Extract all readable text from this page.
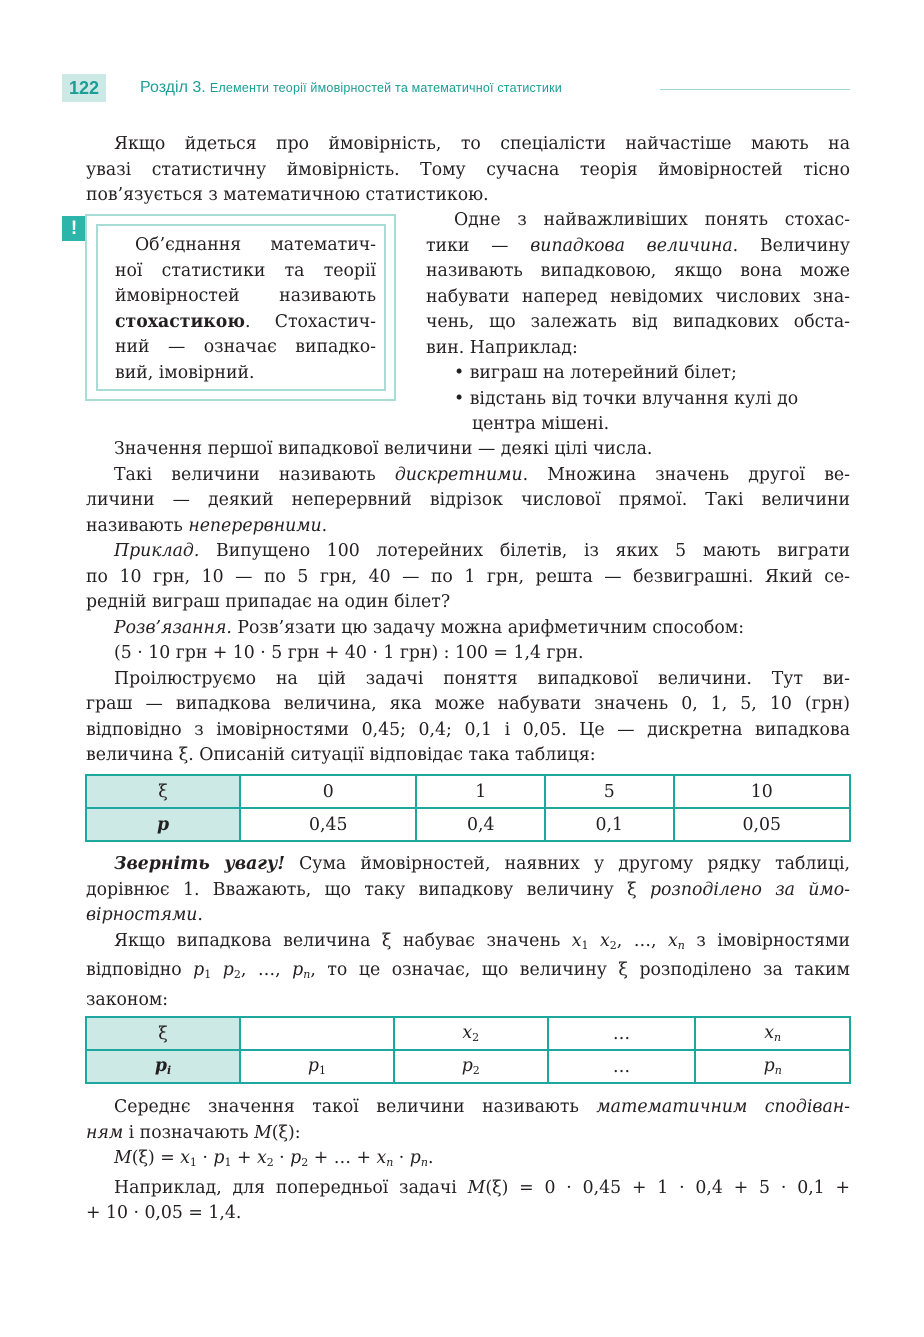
122	Розділ 3. Елементи теорії ймовірностей та математичної статистики
Якщо йдеться про ймовірність, то спеціалісти найчастіше мають на
увазі статистичну ймовірність. Тому сучасна теорія ймовірностей тісно
пов’язується з математичною статистикою.
!
Об’єднання математич-
ної статистики та теорії
ймовірностей називають
стохастикою. Стохастич-
ний — означає випадко-
вий, імовірний.
Одне з найважливіших понять стохас-
тики — випадкова величина. Величину
називають випадковою, якщо вона може
набувати наперед невідомих числових зна-
чень, що залежать від випадкових обста-
вин. Наприклад:
• виграш на лотерейний білет;
• відстань від точки влучання кулі до
центра мішені.
Значення першої випадкової величини — деякі цілі числа.
Такі величини називають дискретними. Множина значень другої ве-
личини — деякий неперервний відрізок числової прямої. Такі величини
називають неперервними.
Приклад. Випущено 100 лотерейних білетів, із яких 5 мають виграти
по 10 грн, 10 — по 5 грн, 40 — по 1 грн, решта — безвиграшні. Який се-
редній виграш припадає на один білет?
Розв’язання. Розв’язати цю задачу можна арифметичним способом:
(5 · 10 грн + 10 · 5 грн + 40 · 1 грн) : 100 = 1,4 грн.
Проілюструємо на цій задачі поняття випадкової величини. Тут ви-
граш — випадкова величина, яка може набувати значень 0, 1, 5, 10 (грн)
відповідно з імовірностями 0,45; 0,4; 0,1 і 0,05. Це — дискретна випадкова
величина ξ. Описаній ситуації відповідає така таблиця:
ξ	0	1	5	10
p	0,45	0,4	0,1	0,05
Зверніть увагу! Сума ймовірностей, наявних у другому рядку таблиці,
дорівнює 1. Вважають, що таку випадкову величину ξ розподілено за ймо-
вірностями.
Якщо випадкова величина ξ набуває значень $x_1$ $x_2$, …, $x_n$ з імовірностями
відповідно $p_1$ $p_2$, …, $p_n$, то це означає, що величину ξ розподілено за таким
законом:
ξ		$x_2$	…	$x_n$
$p_i$	$p_1$	$p_2$	…	$p_n$
Середнє значення такої величини називають математичним сподіван-
ням і позначають M(ξ):
$M(\xi) = x_1 \cdot p_1 + x_2 \cdot p_2$ + … + $x_n \cdot p_n$.
Наприклад, для попередньої задачі M(ξ) = 0 · 0,45 + 1 · 0,4 + 5 · 0,1 +
+ 10 · 0,05 = 1,4.
